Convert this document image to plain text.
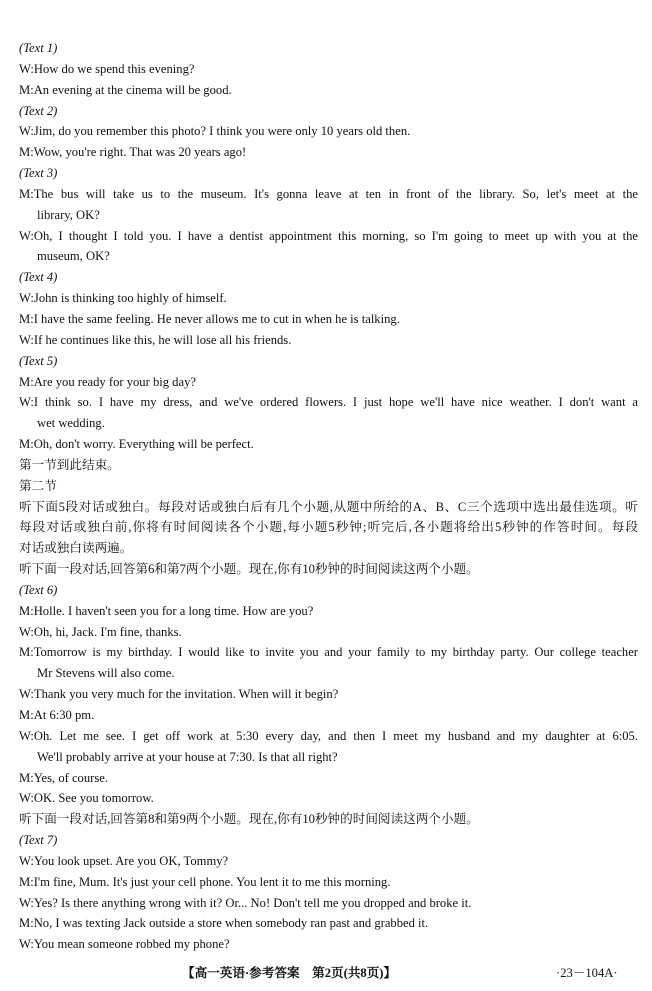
(Text 1)
W:How do we spend this evening?
M:An evening at the cinema will be good.
(Text 2)
W:Jim, do you remember this photo? I think you were only 10 years old then.
M:Wow, you're right. That was 20 years ago!
(Text 3)
M:The bus will take us to the museum. It's gonna leave at ten in front of the library. So, let's meet at the
library, OK?
W:Oh, I thought I told you. I have a dentist appointment this morning, so I'm going to meet up with you at the
museum, OK?
(Text 4)
W:John is thinking too highly of himself.
M:I have the same feeling. He never allows me to cut in when he is talking.
W:If he continues like this, he will lose all his friends.
(Text 5)
M:Are you ready for your big day?
W:I think so. I have my dress, and we've ordered flowers. I just hope we'll have nice weather. I don't want a
wet wedding.
M:Oh, don't worry. Everything will be perfect.
第一节到此结束。
第二节
听下面5段对话或独白。每段对话或独白后有几个小题,从题中所给的A、B、C三个选项中选出最佳选项。听
每段对话或独白前,你将有时间阅读各个小题,每小题5秒钟;听完后,各小题将给出5秒钟的作答时间。每段
对话或独白读两遍。
听下面一段对话,回答第6和第7两个小题。现在,你有10秒钟的时间阅读这两个小题。
(Text 6)
M:Holle. I haven't seen you for a long time. How are you?
W:Oh, hi, Jack. I'm fine, thanks.
M:Tomorrow is my birthday. I would like to invite you and your family to my birthday party. Our college teacher
Mr Stevens will also come.
W:Thank you very much for the invitation. When will it begin?
M:At 6:30 pm.
W:Oh. Let me see. I get off work at 5:30 every day, and then I meet my husband and my daughter at 6:05.
We'll probably arrive at your house at 7:30. Is that all right?
M:Yes, of course.
W:OK. See you tomorrow.
听下面一段对话,回答第8和第9两个小题。现在,你有10秒钟的时间阅读这两个小题。
(Text 7)
W:You look upset. Are you OK, Tommy?
M:I'm fine, Mum. It's just your cell phone. You lent it to me this morning.
W:Yes? Is there anything wrong with it? Or... No! Don't tell me you dropped and broke it.
M:No, I was texting Jack outside a store when somebody ran past and grabbed it.
W:You mean someone robbed my phone?
【高一英语·参考答案　第2页(共8页)】	·23－104A·
